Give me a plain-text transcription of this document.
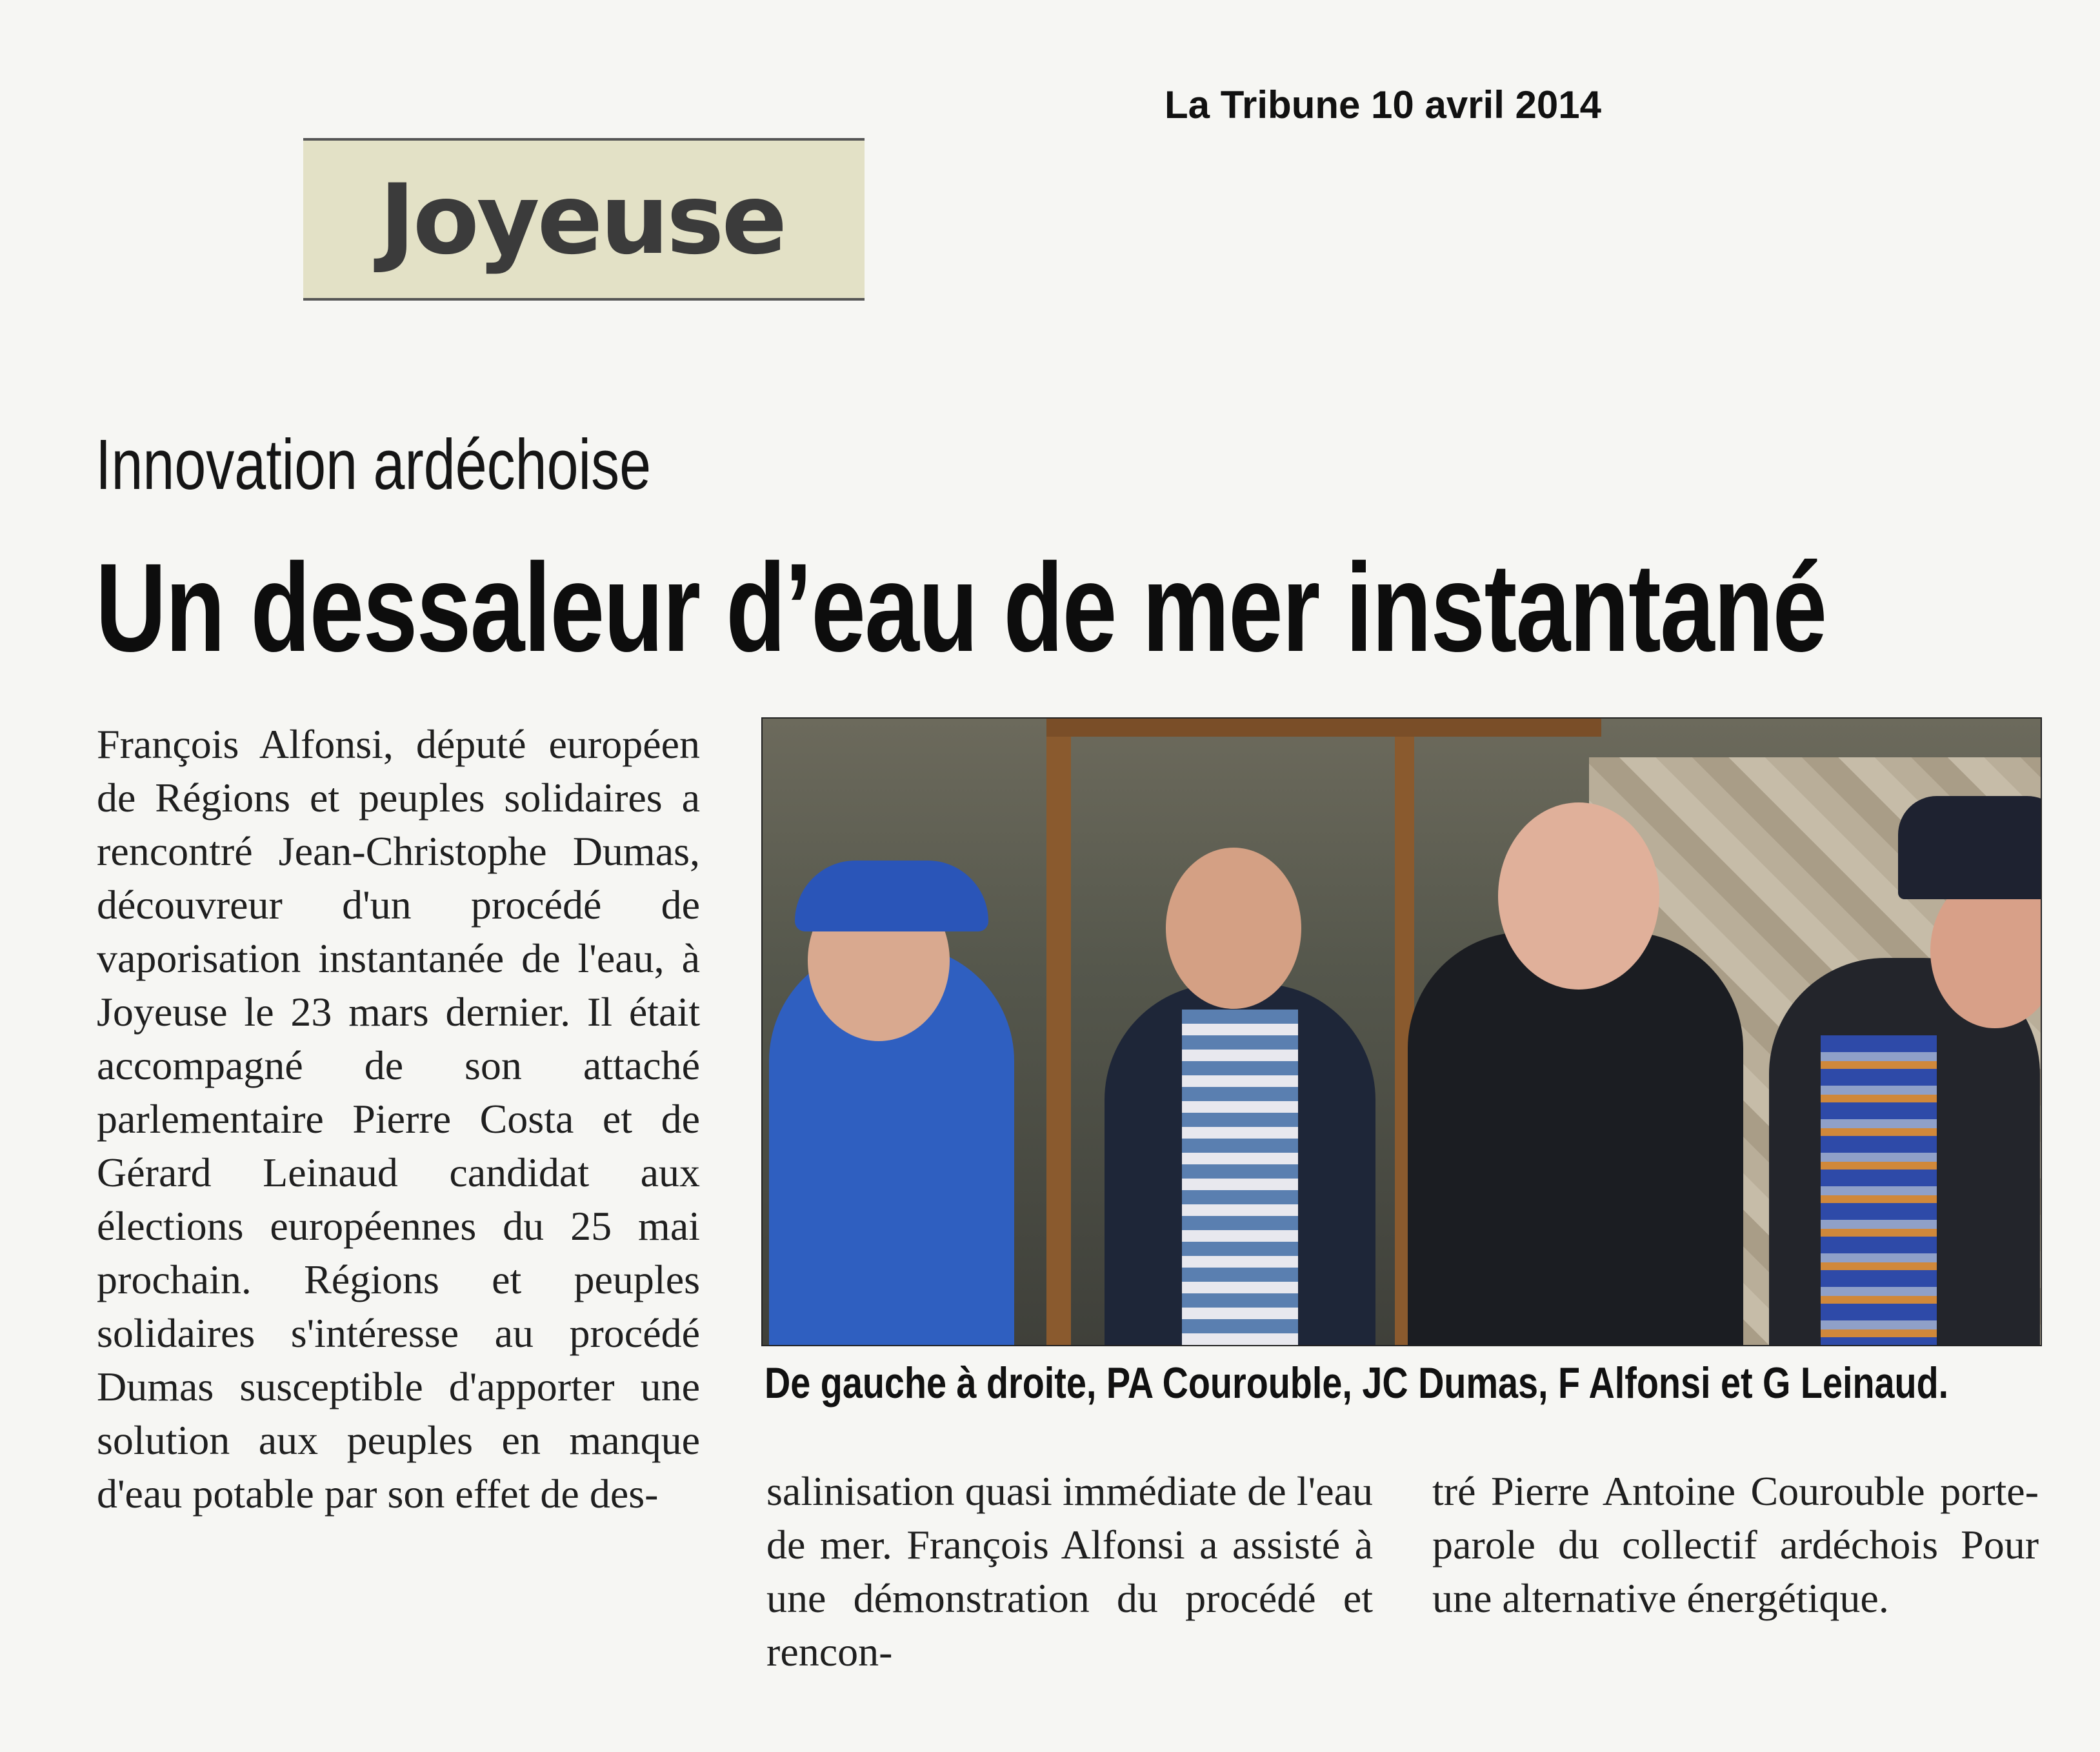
La Tribune 10 avril 2014
Joyeuse
Innovation ardéchoise
Un dessaleur d’eau de mer instantané
François Alfonsi, député européen de Régions et peuples solidaires a rencontré Jean-Christophe Dumas, découvreur d'un procédé de vaporisation instantanée de l'eau, à Joyeuse le 23 mars dernier. Il était accompagné de son attaché parlementaire Pierre Costa et de Gérard Leinaud candidat aux élections européennes du 25 mai prochain. Régions et peuples solidaires s'intéresse au procédé Dumas susceptible d'apporter une solution aux peuples en manque d'eau potable par son effet de des-
De gauche à droite, PA Courouble, JC Dumas, F Alfonsi et G Leinaud.
salinisation quasi immédiate de l'eau de mer. François Alfonsi a assisté à une démonstration du procédé et rencon-
tré Pierre Antoine Courouble porte-parole du collectif ardéchois Pour une alternative énergétique.
